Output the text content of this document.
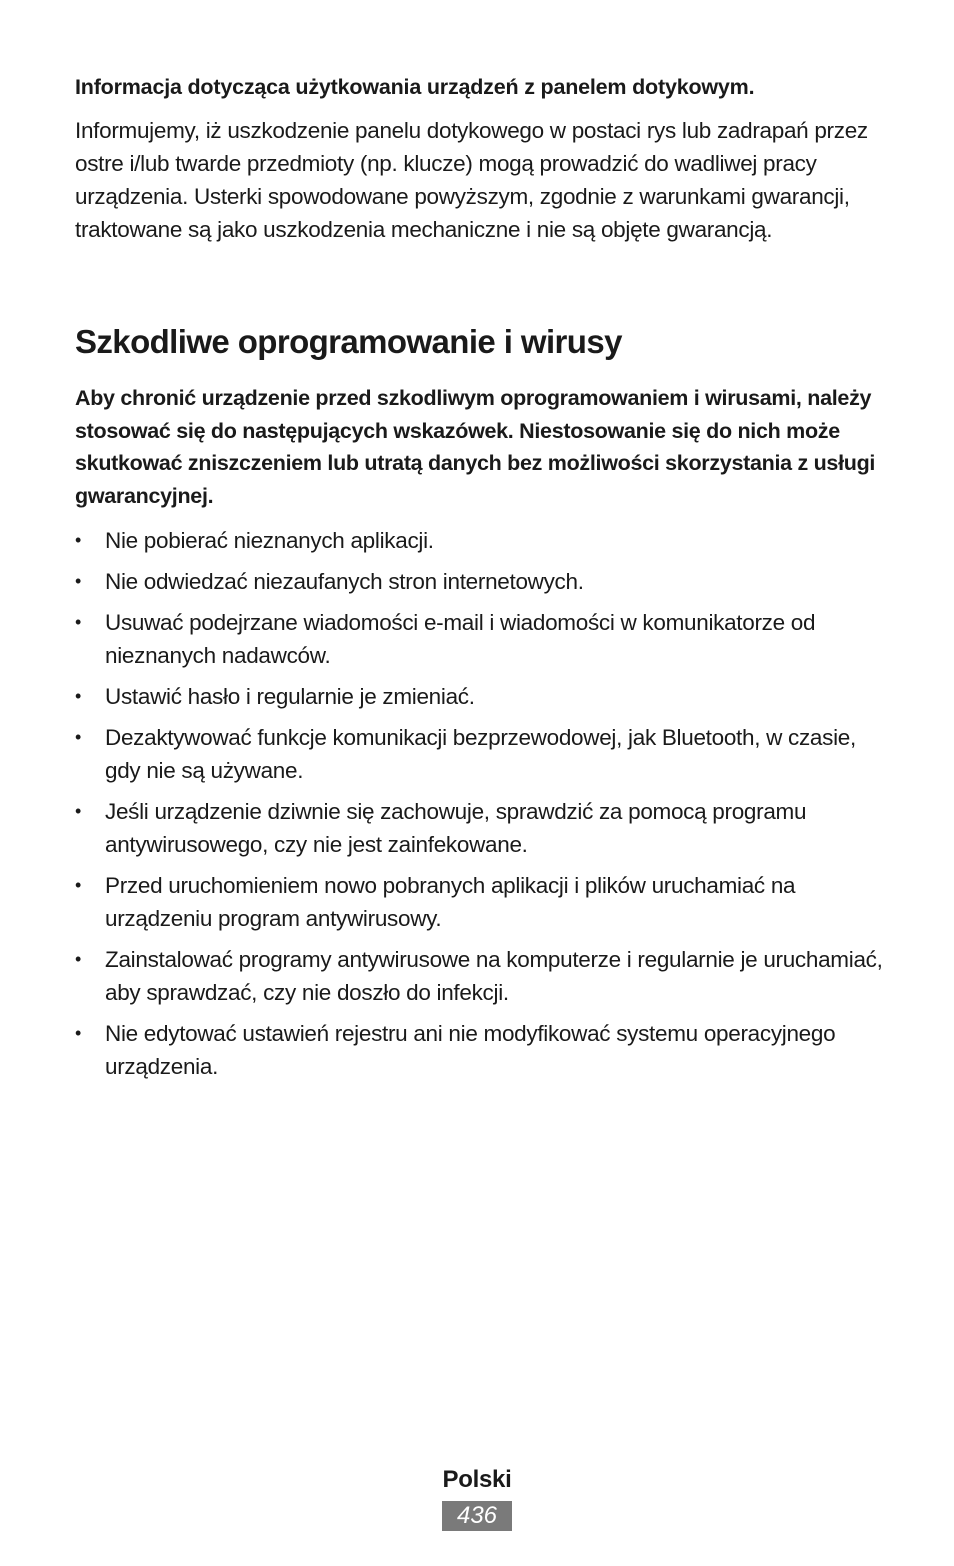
Informacja dotycząca użytkowania urządzeń z panelem dotykowym.

Informujemy, iż uszkodzenie panelu dotykowego w postaci rys lub zadrapań przez ostre i/lub twarde przedmioty (np. klucze) mogą prowadzić do wadliwej pracy urządzenia. Usterki spowodowane powyższym, zgodnie z warunkami gwarancji, traktowane są jako uszkodzenia mechaniczne i nie są objęte gwarancją.

Szkodliwe oprogramowanie i wirusy

Aby chronić urządzenie przed szkodliwym oprogramowaniem i wirusami, należy stosować się do następujących wskazówek. Niestosowanie się do nich może skutkować zniszczeniem lub utratą danych bez możliwości skorzystania z usługi gwarancyjnej.

• Nie pobierać nieznanych aplikacji.
• Nie odwiedzać niezaufanych stron internetowych.
• Usuwać podejrzane wiadomości e-mail i wiadomości w komunikatorze od nieznanych nadawców.
• Ustawić hasło i regularnie je zmieniać.
• Dezaktywować funkcje komunikacji bezprzewodowej, jak Bluetooth, w czasie, gdy nie są używane.
• Jeśli urządzenie dziwnie się zachowuje, sprawdzić za pomocą programu antywirusowego, czy nie jest zainfekowane.
• Przed uruchomieniem nowo pobranych aplikacji i plików uruchamiać na urządzeniu program antywirusowy.
• Zainstalować programy antywirusowe na komputerze i regularnie je uruchamiać, aby sprawdzać, czy nie doszło do infekcji.
• Nie edytować ustawień rejestru ani nie modyfikować systemu operacyjnego urządzenia.
Polski
436
